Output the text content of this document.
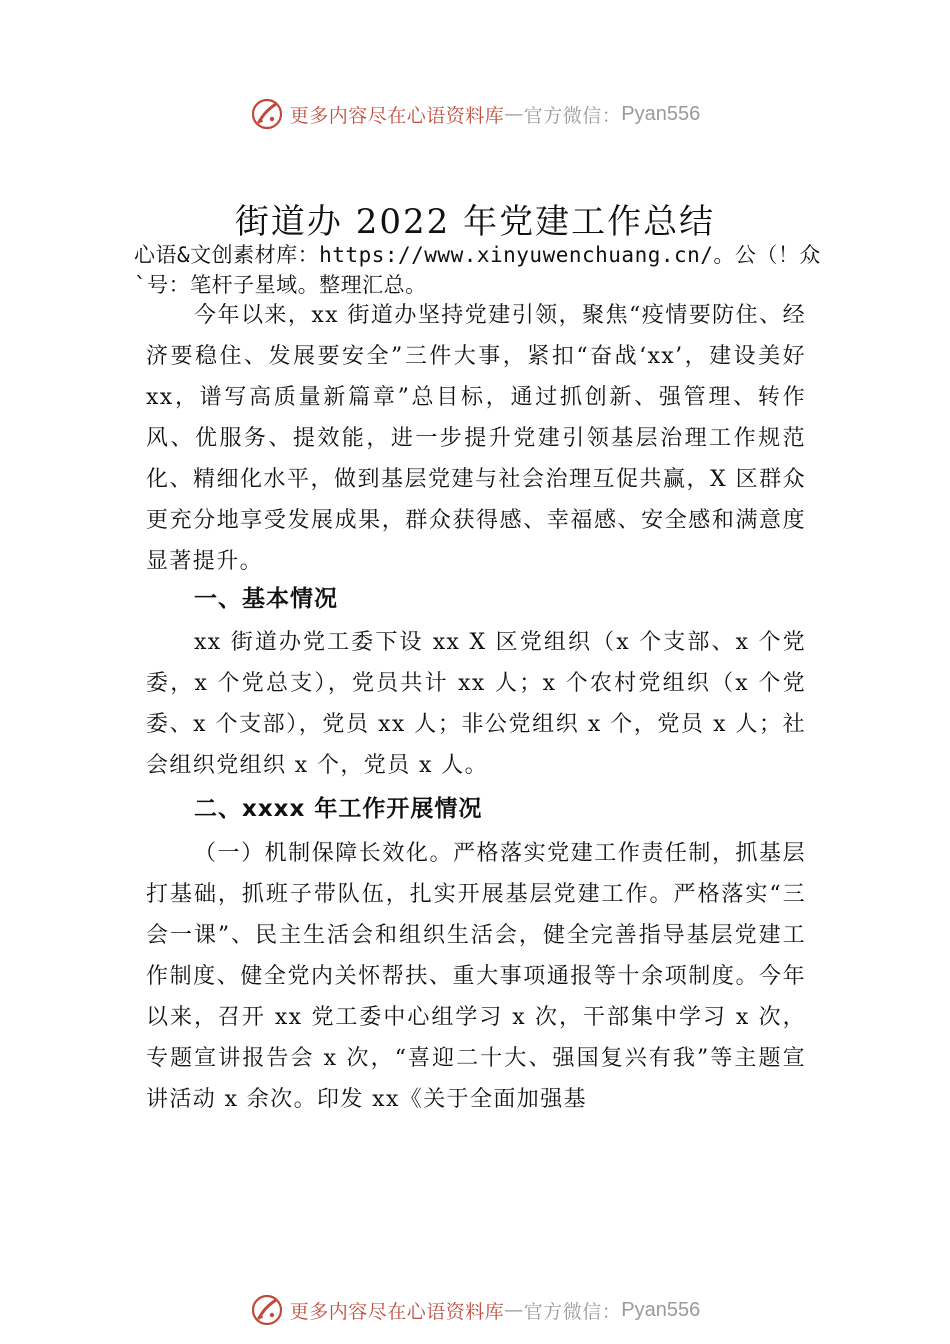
更多内容尽在心语资料库 — 官方微信： Pyan556
街道办 2022 年党建工作总结

心语&文创素材库：https://www.xinyuwenchuang.cn/。公（！众`号：笔杆子星域。整理汇总。

今年以来，xx 街道办坚持党建引领，聚焦“疫情要防住、经济要稳住、发展要安全”三件大事，紧扣“奋战‘xx’，建设美好 xx，谱写高质量新篇章”总目标，通过抓创新、强管理、转作风、优服务、提效能，进一步提升党建引领基层治理工作规范化、精细化水平，做到基层党建与社会治理互促共赢，X 区群众更充分地享受发展成果，群众获得感、幸福感、安全感和满意度显著提升。

一、基本情况

xx 街道办党工委下设 xx X 区党组织（x 个支部、x 个党委，x 个党总支），党员共计 xx 人；x 个农村党组织（x 个党委、x 个支部），党员 xx 人；非公党组织 x 个，党员 x 人；社会组织党组织 x 个，党员 x 人。

二、xxxx 年工作开展情况

（一）机制保障长效化。严格落实党建工作责任制，抓基层打基础，抓班子带队伍，扎实开展基层党建工作。严格落实“三会一课”、民主生活会和组织生活会，健全完善指导基层党建工作制度、健全党内关怀帮扶、重大事项通报等十余项制度。今年以来，召开 xx 党工委中心组学习 x 次，干部集中学习 x 次，专题宣讲报告会 x 次，“喜迎二十大、强国复兴有我”等主题宣讲活动 x 余次。印发 xx《关于全面加强基

更多内容尽在心语资料库 — 官方微信： Pyan556
